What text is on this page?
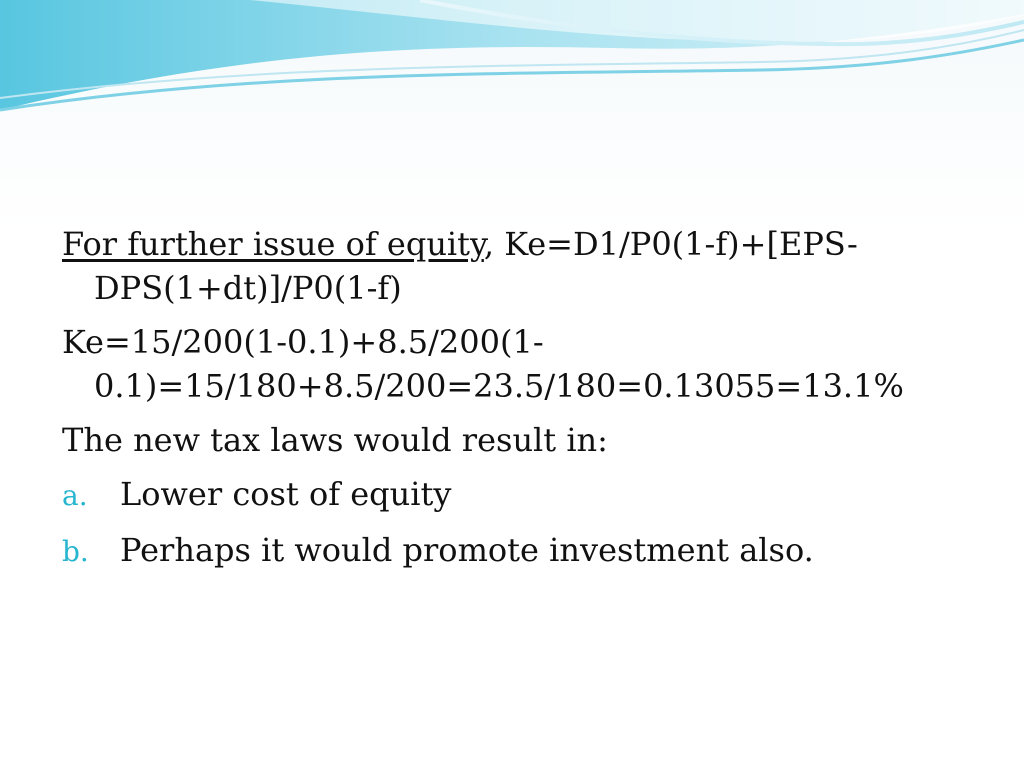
For further issue of equity, Ke=D1/P0(1-f)+[EPS-DPS(1+dt)]/P0(1-f)

Ke=15/200(1-0.1)+8.5/200(1-0.1)=15/180+8.5/200=23.5/180=0.13055=13.1%

The new tax laws would result in:

a.	Lower cost of equity
b. Perhaps it would promote investment also.
